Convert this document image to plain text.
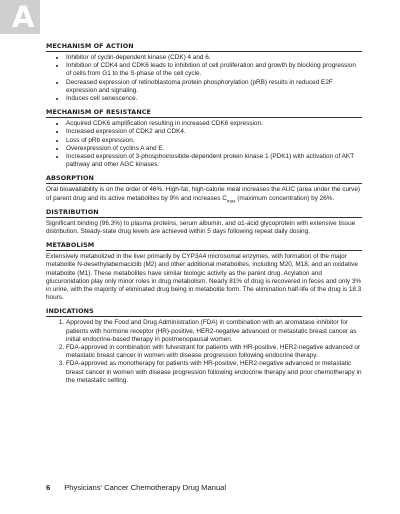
A
MECHANISM OF ACTION
• Inhibitor of cyclin-dependent kinase (CDK) 4 and 6.
• Inhibition of CDK4 and CDK6 leads to inhibition of cell proliferation and growth by blocking progression of cells from G1 to the S-phase of the cell cycle.
• Decreased expression of retinoblastoma protein phosphorylation (pRB) results in reduced E2F expression and signaling.
• Induces cell senescence.
MECHANISM OF RESISTANCE
• Acquired CDK6 amplification resulting in increased CDK6 expression.
• Increased expression of CDK2 and CDK4.
• Loss of pRb expression.
• Overexpression of cyclins A and E.
• Increased expression of 3-phosphoinositide-dependent protein kinase 1 (PDK1) with activation of AKT pathway and other AGC kinases.
ABSORPTION

Oral bioavailability is on the order of 46%. High-fat, high-calorie meal increases the AUC (area under the curve) of parent drug and its active metabolites by 9% and increases $C_{max}$ (maximum concentration) by 26%.

DISTRIBUTION

Significant binding (96.3%) to plasma proteins, serum albumin, and α1-acid glycoprotein with extensive tissue distribution. Steady-state drug levels are achieved within 5 days following repeat daily dosing.

METABOLISM

Extensively metabolized in the liver primarily by CYP3A4 microsomal enzymes, with formation of the major metabolite N-desethylabemaciclib (M2) and other additional metabolites, including M20, M18, and an oxidative metabolite (M1). These metabolites have similar biologic activity as the parent drug. Acylation and glucuronidation play only minor roles in drug metabolism. Nearly 81% of drug is recovered in feces and only 3% in urine, with the majority of eliminated drug being in metabolite form. The elimination half-life of the drug is 18.3 hours.

INDICATIONS
1. Approved by the Food and Drug Administration (FDA) in combination with an aromatase inhibitor for patients with hormone receptor (HR)-positive, HER2-negative advanced or metastatic breast cancer as initial endocrine-based therapy in postmenopausal women.
2. FDA-approved in combination with fulvestrant for patients with HR-positive, HER2-negative advanced or metastatic breast cancer in women with disease progression following endocrine therapy.
3. FDA-approved as monotherapy for patients with HR-positive, HER2-negative advanced or metastatic breast cancer in women with disease progression following endocrine therapy and prior chemotherapy in the metastatic setting.
6 Physicians' Cancer Chemotherapy Drug Manual
